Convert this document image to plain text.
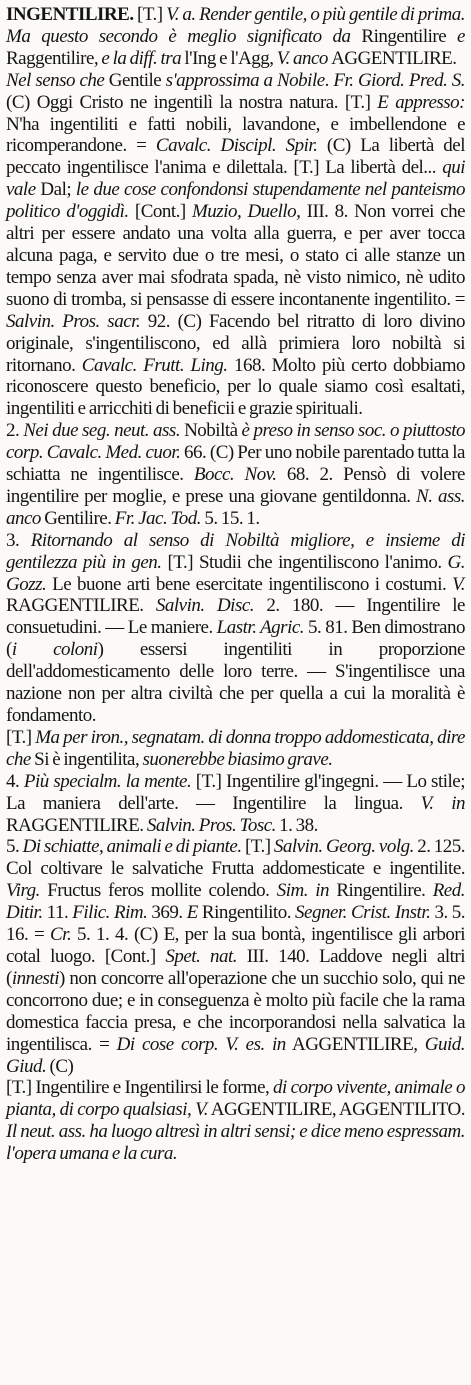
INGENTILIRE. [T.] V. a. Render gentile, o più gentile di prima. Ma questo secondo è meglio significato da Ringentilire e Raggentilire, e la diff. tra l'Ing e l'Agg, V. anco AGGENTILIRE.

Nel senso che Gentile s'approssima a Nobile. Fr. Giord. Pred. S. (C) Oggi Cristo ne ingentilì la nostra natura. [T.] E appresso: N'ha ingentiliti e fatti nobili, lavandone, e imbellendone e ricomperandone. = Cavalc. Discipl. Spir. (C) La libertà del peccato ingentilisce l'anima e dilettala. [T.] La libertà del... qui vale Dal; le due cose confondonsi stupendamente nel panteismo politico d'oggidì. [Cont.] Muzio, Duello, III. 8. Non vorrei che altri per essere andato una volta alla guerra, e per aver tocca alcuna paga, e servito due o tre mesi, o stato ci alle stanze un tempo senza aver mai sfodrata spada, nè visto nimico, nè udito suono di tromba, si pensasse di essere incontanente ingentilito. = Salvin. Pros. sacr. 92. (C) Facendo bel ritratto di loro divino originale, s'ingentiliscono, ed allà primiera loro nobiltà si ritornano. Cavalc. Frutt. Ling. 168. Molto più certo dobbiamo riconoscere questo beneficio, per lo quale siamo così esaltati, ingentiliti e arricchiti di beneficii e grazie spirituali.

2. Nei due seg. neut. ass. Nobiltà è preso in senso soc. o piuttosto corp. Cavalc. Med. cuor. 66. (C) Per uno nobile parentado tutta la schiatta ne ingentilisce. Bocc. Nov. 68. 2. Pensò di volere ingentilire per moglie, e prese una giovane gentildonna. N. ass. anco Gentilire. Fr. Jac. Tod. 5. 15. 1.

3. Ritornando al senso di Nobiltà migliore, e insieme di gentilezza più in gen. [T.] Studii che ingentiliscono l'animo. G. Gozz. Le buone arti bene esercitate ingentiliscono i costumi. V. RAGGENTILIRE. Salvin. Disc. 2. 180. — Ingentilire le consuetudini. — Le maniere. Lastr. Agric. 5. 81. Ben dimostrano (i coloni) essersi ingentiliti in proporzione dell'addomesticamento delle loro terre. — S'ingentilisce una nazione non per altra civiltà che per quella a cui la moralità è fondamento.

[T.] Ma per iron., segnatam. di donna troppo addomesticata, dire che Si è ingentilita, suonerebbe biasimo grave.

4. Più specialm. la mente. [T.] Ingentilire gl'ingegni. — Lo stile; La maniera dell'arte. — Ingentilire la lingua. V. in RAGGENTILIRE. Salvin. Pros. Tosc. 1. 38.

5. Di schiatte, animali e di piante. [T.] Salvin. Georg. volg. 2. 125. Col coltivare le salvatiche Frutta addomesticate e ingentilite. Virg. Fructus feros mollite colendo. Sim. in Ringentilire. Red. Ditir. 11. Filic. Rim. 369. E Ringentilito. Segner. Crist. Instr. 3. 5. 16. = Cr. 5. 1. 4. (C) E, per la sua bontà, ingentilisce gli arbori cotal luogo. [Cont.] Spet. nat. III. 140. Laddove negli altri (innesti) non concorre all'operazione che un succhio solo, qui ne concorrono due; e in conseguenza è molto più facile che la rama domestica faccia presa, e che incorporandosi nella salvatica la ingentilisca. = Di cose corp. V. es. in AGGENTILIRE, Guid. Giud. (C)

[T.] Ingentilire e Ingentilirsi le forme, di corpo vivente, animale o pianta, di corpo qualsiasi, V. AGGENTILIRE, AGGENTILITO. Il neut. ass. ha luogo altresì in altri sensi; e dice meno espressam. l'opera umana e la cura.
